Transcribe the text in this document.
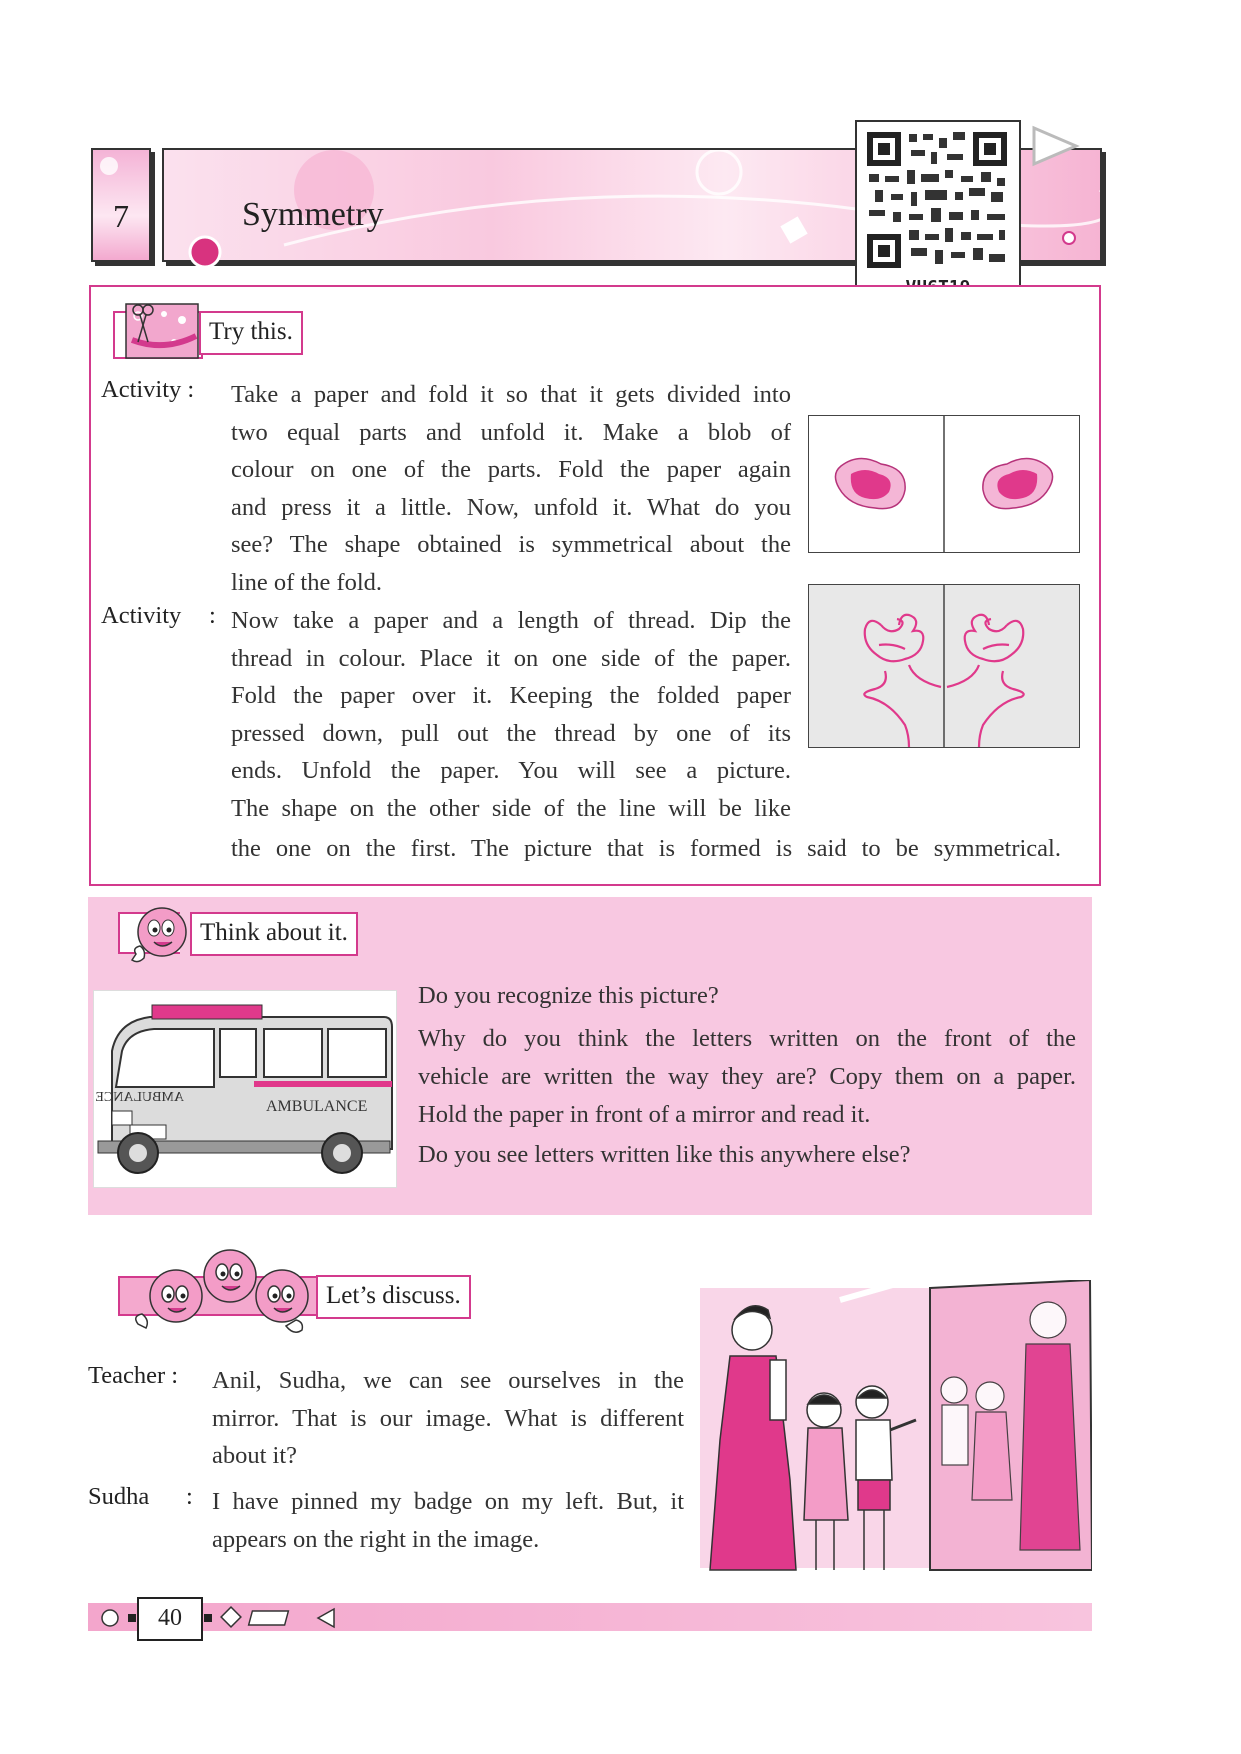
7	Symmetry
Try this.
Activity : Take a paper and fold it so that it gets divided into
two equal parts and unfold it. Make a blob of
colour on one of the parts. Fold the paper again
and press it a little. Now, unfold it. What do you
see? The shape obtained is symmetrical about the
line of the fold.
Activity : Now take a paper and a length of thread. Dip the
thread in colour. Place it on one side of the paper.
Fold the paper over it. Keeping the folded paper
pressed down, pull out the thread by one of its
ends. Unfold the paper. You will see a picture.
The shape on the other side of the line will be like
the one on the first. The picture that is formed is said to be symmetrical.
Think about it.
AMBULANCE
AMBULANCE
Do you recognize this picture?
Why do you think the letters written on the front of the
vehicle are written the way they are? Copy them on a paper.
Hold the paper in front of a mirror and read it.
Do you see letters written like this anywhere else?
Let’s discuss.
Teacher : Anil, Sudha, we can see ourselves in the
mirror. That is our image. What is different
about it?
Sudha : I have pinned my badge on my left. But, it
appears on the right in the image.
40
